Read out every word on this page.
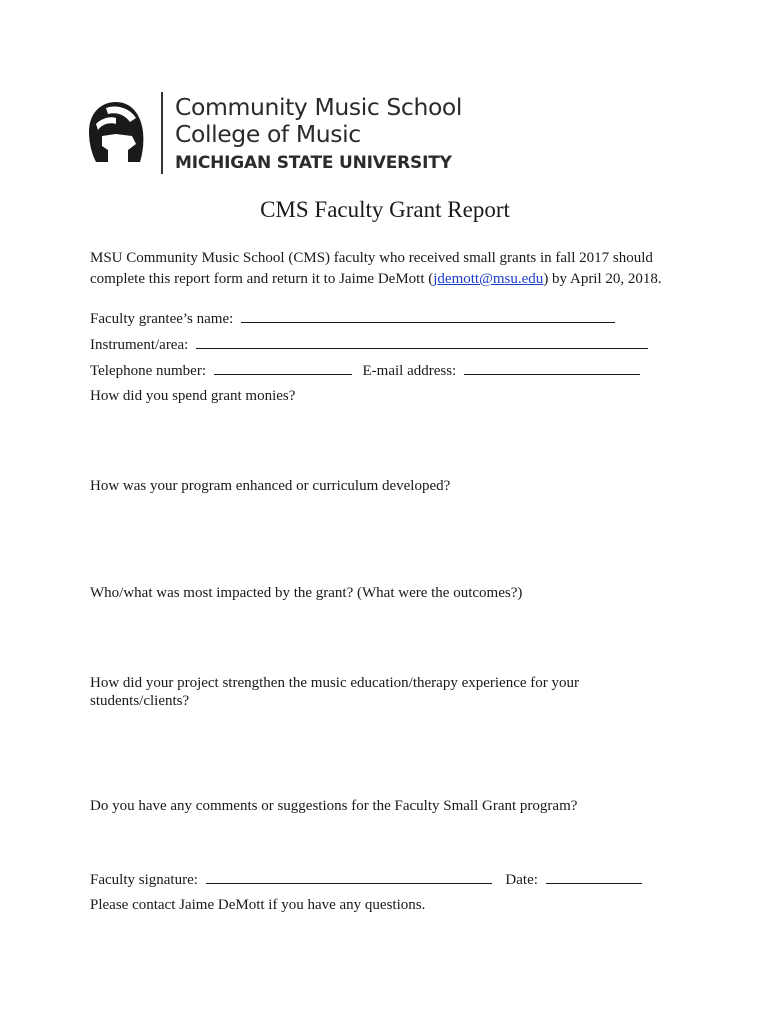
Community Music School
College of Music
MICHIGAN STATE UNIVERSITY
CMS Faculty Grant Report
MSU Community Music School (CMS) faculty who received small grants in fall 2017 should
complete this report form and return it to Jaime DeMott (jdemott@msu.edu) by April 20, 2018.
Faculty grantee’s name:
Instrument/area:
Telephone number:	E-mail address:
How did you spend grant monies?
How was your program enhanced or curriculum developed?
Who/what was most impacted by the grant? (What were the outcomes?)
How did your project strengthen the music education/therapy experience for your
students/clients?
Do you have any comments or suggestions for the Faculty Small Grant program?
Faculty signature:	Date:
Please contact Jaime DeMott if you have any questions.
